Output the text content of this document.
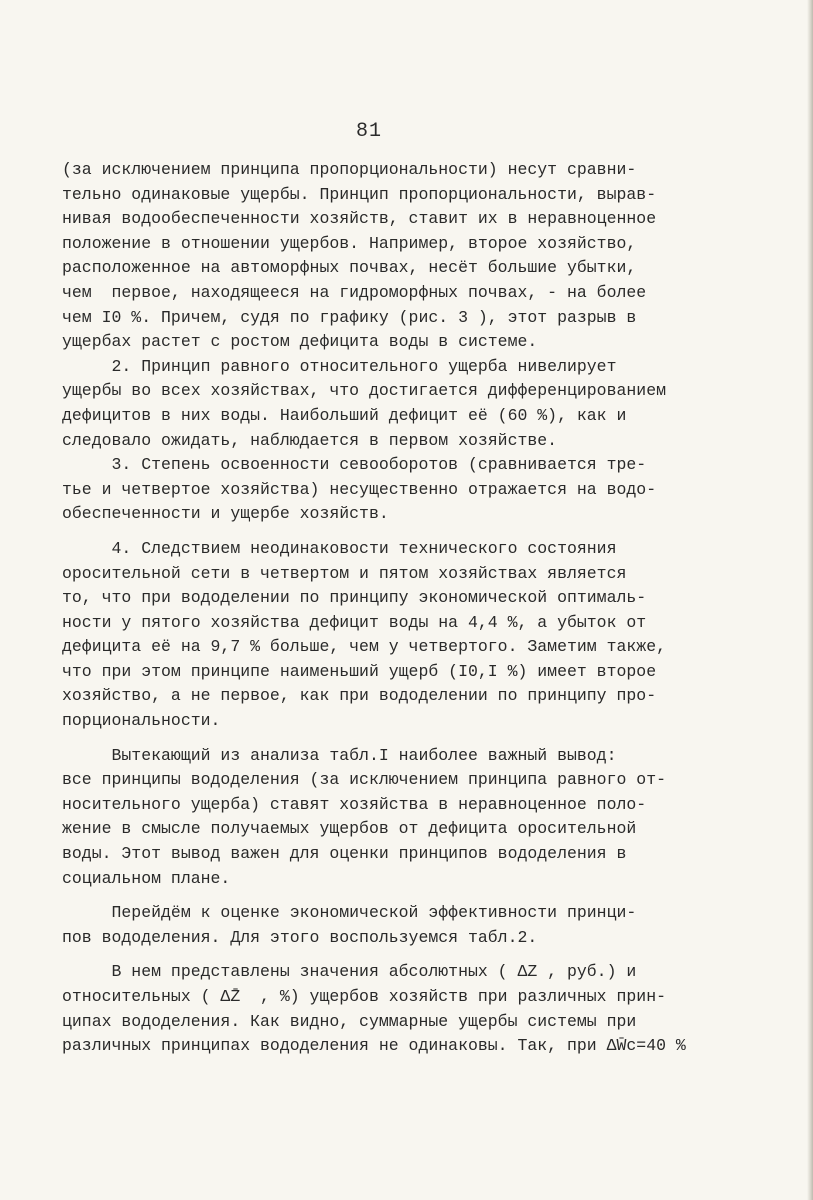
81
(за исключением принципа пропорциональности) несут сравни-
тельно одинаковые ущербы. Принцип пропорциональности, вырав-
нивая водообеспеченности хозяйств, ставит их в неравноценное
положение в отношении ущербов. Например, второе хозяйство,
расположенное на автоморфных почвах, несёт большие убытки,
чем  первое, находящееся на гидроморфных почвах, - на более
чем I0 %. Причем, судя по графику (рис. 3 ), этот разрыв в
ущербах растет с ростом дефицита воды в системе.
2. Принцип равного относительного ущерба нивелирует
ущербы во всех хозяйствах, что достигается дифференцированием
дефицитов в них воды. Наибольший дефицит её (60 %), как и
следовало ожидать, наблюдается в первом хозяйстве.
3. Степень освоенности севооборотов (сравнивается тре-
тье и четвертое хозяйства) несущественно отражается на водо-
обеспеченности и ущербе хозяйств.
4. Следствием неодинаковости технического состояния
оросительной сети в четвертом и пятом хозяйствах является
то, что при вододелении по принципу экономической оптималь-
ности у пятого хозяйства дефицит воды на 4,4 %, а убыток от
дефицита её на 9,7 % больше, чем у четвертого. Заметим также,
что при этом принципе наименьший ущерб (I0,I %) имеет второе
хозяйство, а не первое, как при вододелении по принципу про-
порциональности.
Вытекающий из анализа табл.I наиболее важный вывод:
все принципы вододеления (за исключением принципа равного от-
носительного ущерба) ставят хозяйства в неравноценное поло-
жение в смысле получаемых ущербов от дефицита оросительной
воды. Этот вывод важен для оценки принципов вододеления в
социальном плане.
Перейдём к оценке экономической эффективности принци-
пов вододеления. Для этого воспользуемся табл.2.
В нем представлены значения абсолютных ( ΔZ , руб.) и
относительных ( ΔZ̄  , %) ущербов хозяйств при различных прин-
ципах вододеления. Как видно, суммарные ущербы системы при
различных принципах вододеления не одинаковы. Так, при ΔW̄c=40 %
